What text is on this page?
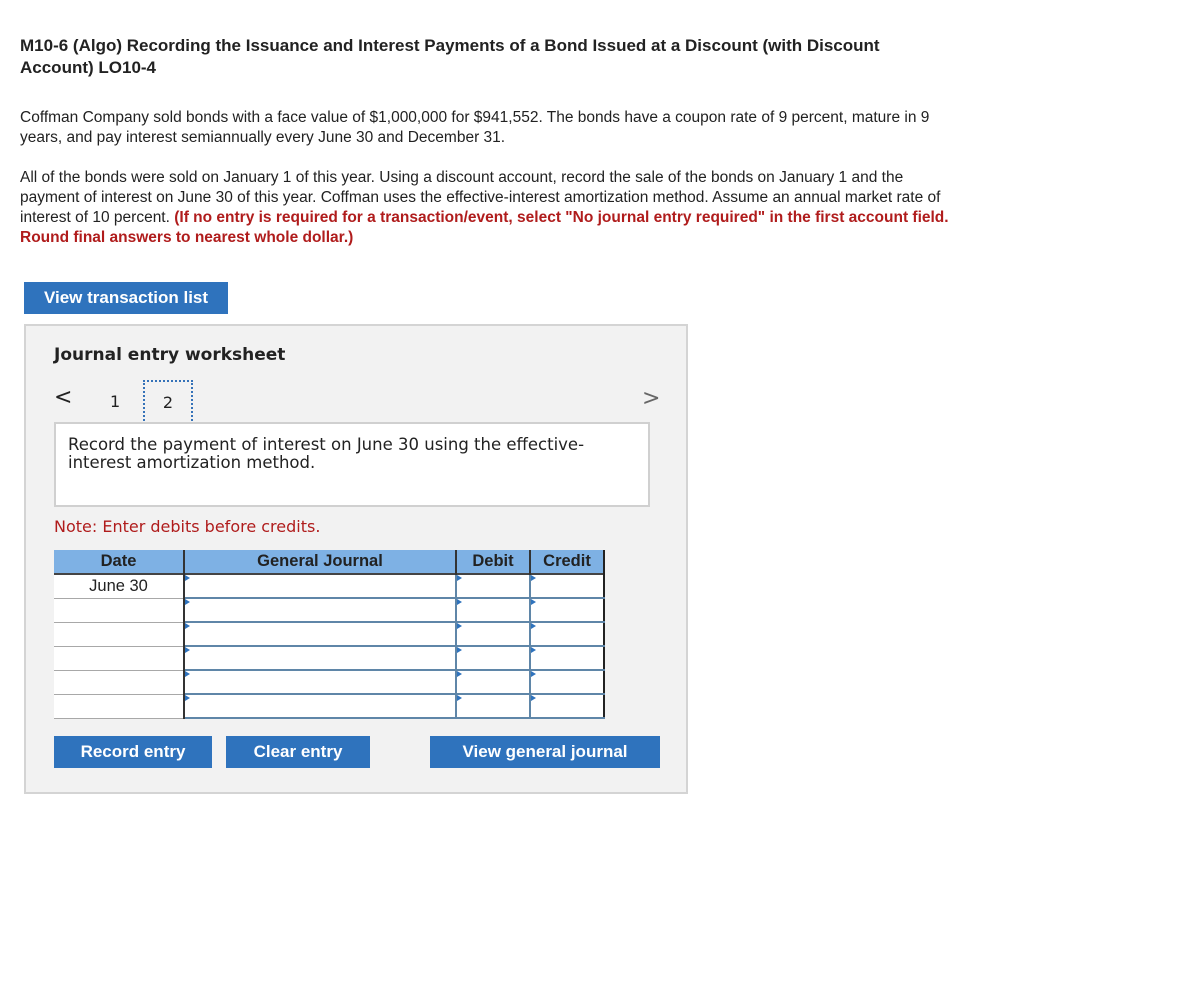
M10-6 (Algo) Recording the Issuance and Interest Payments of a Bond Issued at a Discount (with Discount Account) LO10-4
Coffman Company sold bonds with a face value of $1,000,000 for $941,552. The bonds have a coupon rate of 9 percent, mature in 9 years, and pay interest semiannually every June 30 and December 31.
All of the bonds were sold on January 1 of this year. Using a discount account, record the sale of the bonds on January 1 and the payment of interest on June 30 of this year. Coffman uses the effective-interest amortization method. Assume an annual market rate of interest of 10 percent. (If no entry is required for a transaction/event, select "No journal entry required" in the first account field. Round final answers to nearest whole dollar.)
View transaction list
Journal entry worksheet
< 1	2	>
Record the payment of interest on June 30 using the effective-interest amortization method.
Note: Enter debits before credits.
Date	General Journal	Debit	Credit
June 30	

Record entry	Clear entry	View general journal
